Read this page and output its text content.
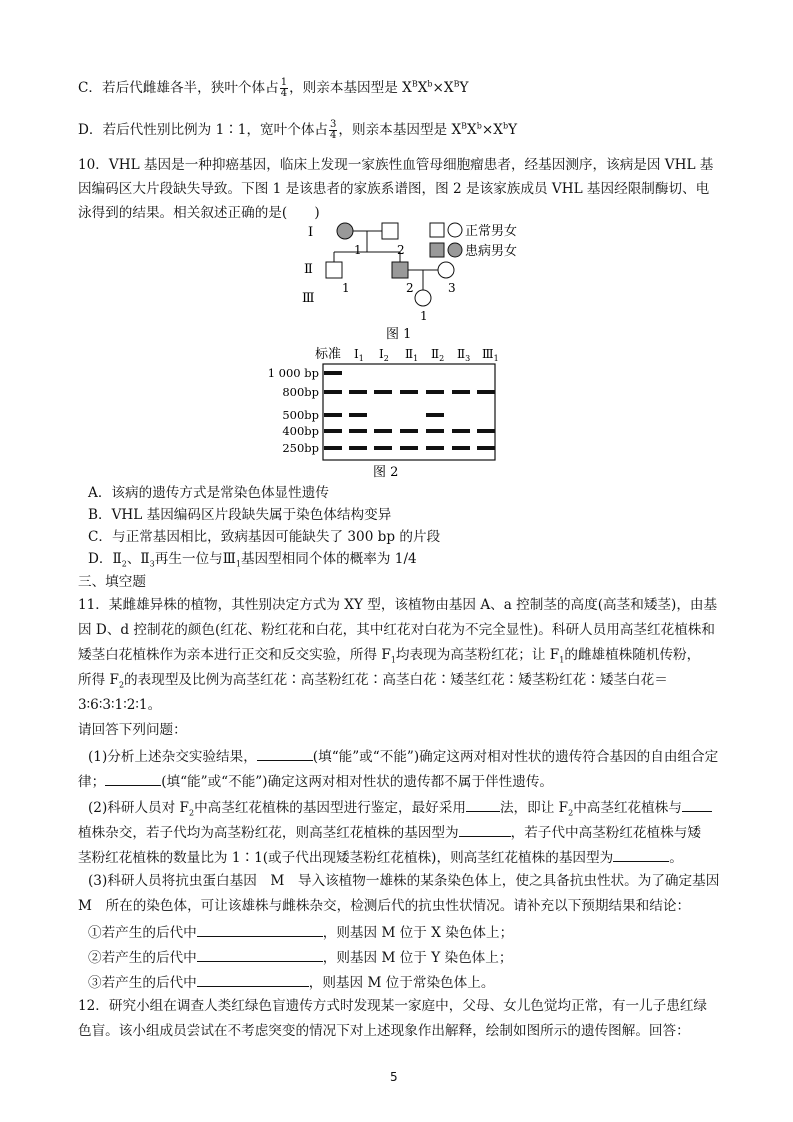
C．若后代雌雄各半，狭叶个体占 $\frac{1}{4}$ ，则亲本基因型是 $X^BX^b\times X^BY$
D．若后代性别比例为 1∶1，宽叶个体占 $\frac{3}{4}$ ，则亲本基因型是 $X^BX^b\times X^bY$
10．VHL 基因是一种抑癌基因，临床上发现一家族性血管母细胞瘤患者，经基因测序，该病是因 VHL 基
因编码区大片段缺失导致。下图 1 是该患者的家族系谱图，图 2 是该家族成员 VHL 基因经限制酶切、电
泳得到的结果。相关叙述正确的是(　　)
Ⅰ
Ⅱ
Ⅲ
1	2
1	2	3
1
正常男女
患病男女
图 1
标准 $Ⅰ_1$ $Ⅰ_2$ $Ⅱ_1$ $Ⅱ_2$ $Ⅱ_3$ $Ⅲ_1$
1 000 bp
800bp
500bp
400bp
250bp
图 2
A．该病的遗传方式是常染色体显性遗传
B．VHL 基因编码区片段缺失属于染色体结构变异
C．与正常基因相比，致病基因可能缺失了 300 bp 的片段
D．$Ⅱ_2$、$Ⅱ_3$再生一位与$Ⅲ_1$基因型相同个体的概率为 1/4
三、填空题
11．某雌雄异株的植物，其性别决定方式为 XY 型，该植物由基因 A、a 控制茎的高度(高茎和矮茎)，由基
因 D、d 控制花的颜色(红花、粉红花和白花，其中红花对白花为不完全显性)。科研人员用高茎红花植株和
矮茎白花植株作为亲本进行正交和反交实验，所得 $F_1$均表现为高茎粉红花；让 $F_1$的雌雄植株随机传粉，
所得 $F_2$的表现型及比例为高茎红花∶高茎粉红花∶高茎白花∶矮茎红花∶矮茎粉红花∶矮茎白花＝
3∶6∶3∶1∶2∶1。
请回答下列问题：
(1)分析上述杂交实验结果，	(填“能”或“不能”)确定这两对相对性状的遗传符合基因的自由组合定
律；	(填“能”或“不能”)确定这两对相对性状的遗传都不属于伴性遗传。
(2)科研人员对 $F_2$中高茎红花植株的基因型进行鉴定，最好采用	法，即让 $F_2$中高茎红花植株与
植株杂交，若子代均为高茎粉红花，则高茎红花植株的基因型为	，若子代中高茎粉红花植株与矮
茎粉红花植株的数量比为 1∶1(或子代出现矮茎粉红花植株)，则高茎红花植株的基因型为	。
(3)科研人员将抗虫蛋白基因　M　导入该植物一雄株的某条染色体上，使之具备抗虫性状。为了确定基因
M　所在的染色体，可让该雄株与雌株杂交，检测后代的抗虫性状情况。请补充以下预期结果和结论：
①若产生的后代中	，则基因 M 位于 X 染色体上；
②若产生的后代中	，则基因 M 位于 Y 染色体上；
③若产生的后代中	，则基因 M 位于常染色体上。
12．研究小组在调查人类红绿色盲遗传方式时发现某一家庭中，父母、女儿色觉均正常，有一儿子患红绿
色盲。该小组成员尝试在不考虑突变的情况下对上述现象作出解释，绘制如图所示的遗传图解。回答：
5
